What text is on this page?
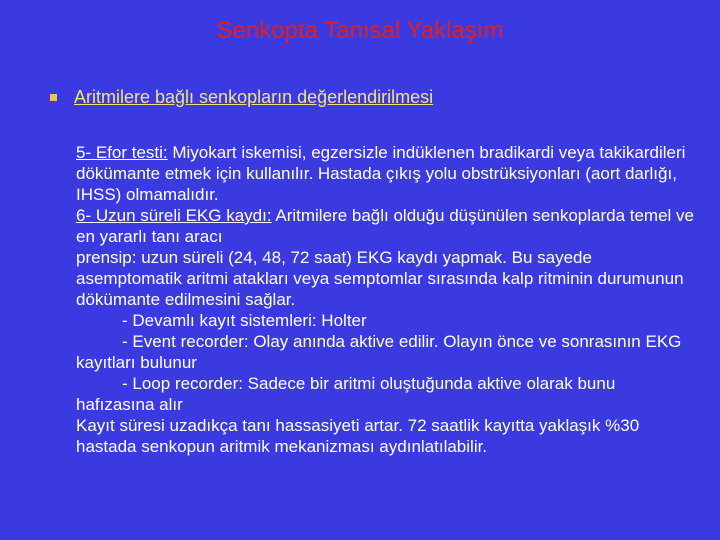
Senkopta Tanısal Yaklaşım
Aritmilere bağlı senkopların değerlendirilmesi

5- Efor testi: Miyokart iskemisi, egzersizle indüklenen bradikardi veya takikardileri dökümante etmek için kullanılır. Hastada çıkış yolu obstrüksiyonları (aort darlığı, IHSS) olmamalıdır.

6- Uzun süreli EKG kaydı: Aritmilere bağlı olduğu düşünülen senkoplarda temel ve en yararlı tanı aracı

prensip: uzun süreli (24, 48, 72 saat) EKG kaydı yapmak. Bu sayede asemptomatik aritmi atakları veya semptomlar sırasında kalp ritminin durumunun dökümante edilmesini sağlar.

- Devamlı kayıt sistemleri: Holter

- Event recorder: Olay anında aktive edilir. Olayın önce ve sonrasının EKG kayıtları bulunur

- Loop recorder: Sadece bir aritmi oluştuğunda aktive olarak bunu hafızasına alır

Kayıt süresi uzadıkça tanı hassasiyeti artar. 72 saatlik kayıtta yaklaşık %30 hastada senkopun aritmik mekanizması aydınlatılabilir.
